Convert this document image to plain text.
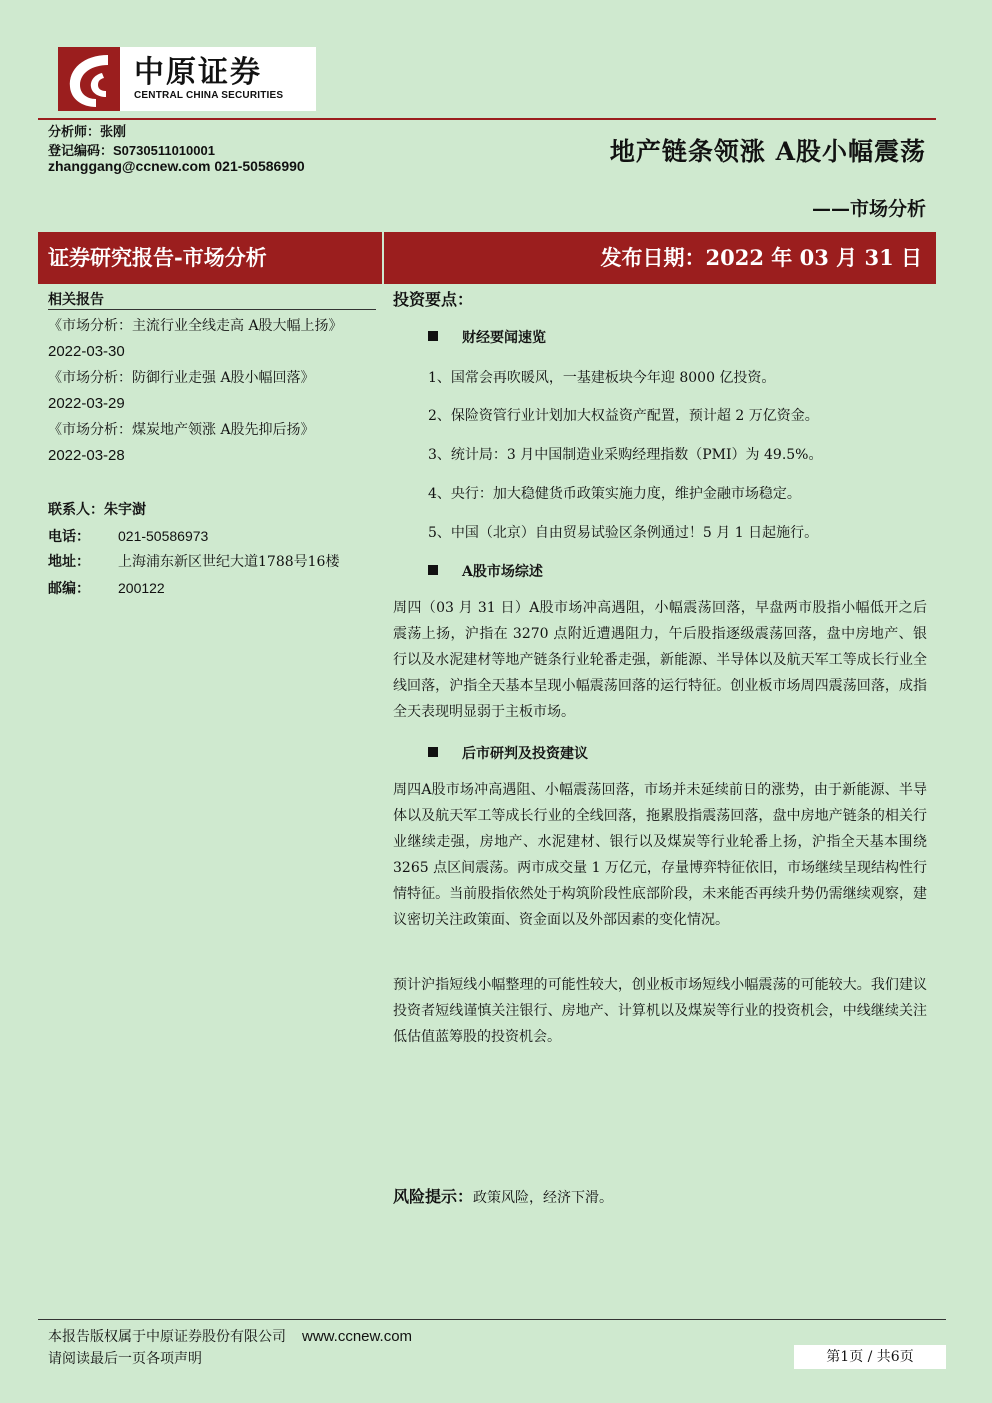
中原证券
CENTRAL CHINA SECURITIES
分析师：张刚
登记编码：S0730511010001
zhanggang@ccnew.com 021-50586990	地产链条领涨 A股小幅震荡
——市场分析
证券研究报告-市场分析	发布日期：2022 年 03 月 31 日
相关报告
《市场分析：主流行业全线走高 A股大幅上扬》 2022-03-30
《市场分析：防御行业走强 A股小幅回落》
2022-03-29
《市场分析：煤炭地产领涨 A股先抑后扬》
2022-03-28
联系人：朱宇澍
电话： 021-50586973
地址： 上海浦东新区世纪大道1788号16楼
邮编： 200122
投资要点：
财经要闻速览
1、国常会再吹暖风，一基建板块今年迎 8000 亿投资。
2、保险资管行业计划加大权益资产配置，预计超 2 万亿资金。
3、统计局：3 月中国制造业采购经理指数（PMI）为 49.5%。
4、央行：加大稳健货币政策实施力度，维护金融市场稳定。
5、中国（北京）自由贸易试验区条例通过！5 月 1 日起施行。
A股市场综述
周四（03 月 31 日）A股市场冲高遇阻，小幅震荡回落，早盘两市股指小幅低开之后震荡上扬，沪指在 3270 点附近遭遇阻力，午后股指逐级震荡回落，盘中房地产、银行以及水泥建材等地产链条行业轮番走强，新能源、半导体以及航天军工等成长行业全线回落，沪指全天基本呈现小幅震荡回落的运行特征。创业板市场周四震荡回落，成指全天表现明显弱于主板市场。
后市研判及投资建议
周四A股市场冲高遇阻、小幅震荡回落，市场并未延续前日的涨势，由于新能源、半导体以及航天军工等成长行业的全线回落，拖累股指震荡回落，盘中房地产链条的相关行业继续走强，房地产、水泥建材、银行以及煤炭等行业轮番上扬，沪指全天基本围绕 3265 点区间震荡。两市成交量 1 万亿元，存量博弈特征依旧，市场继续呈现结构性行情特征。当前股指依然处于构筑阶段性底部阶段，未来能否再续升势仍需继续观察，建议密切关注政策面、资金面以及外部因素的变化情况。
预计沪指短线小幅整理的可能性较大，创业板市场短线小幅震荡的可能较大。我们建议投资者短线谨慎关注银行、房地产、计算机以及煤炭等行业的投资机会，中线继续关注低估值蓝筹股的投资机会。
风险提示：政策风险，经济下滑。
本报告版权属于中原证券股份有限公司 www.ccnew.com
请阅读最后一页各项声明	第1页 / 共6页
